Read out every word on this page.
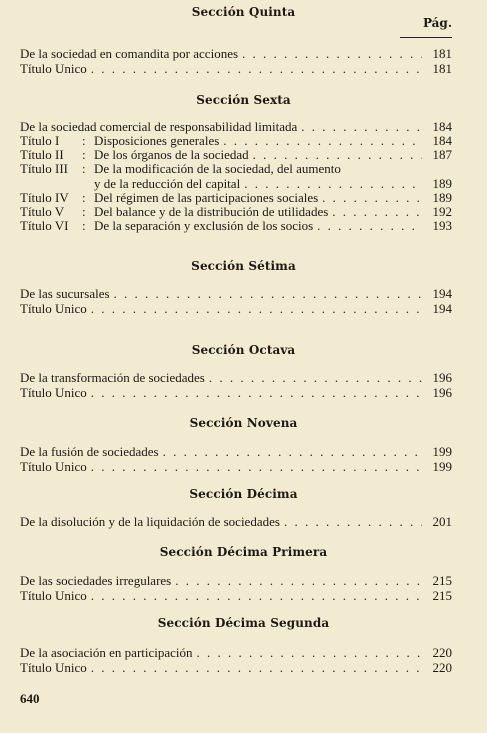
Sección Quinta
Pág.
De la sociedad en comandita por acciones . . .	181
Título Unico . . .	181
Sección Sexta
De la sociedad comercial de responsabilidad limitada . . .	184
Título I : Disposiciones generales . . .	184
Título II : De los órganos de la sociedad . . .	187
Título III : De la modificación de la sociedad, del aumento
y de la reducción del capital . . .	189
Título IV : Del régimen de las participaciones sociales . . .	189
Título V : Del balance y de la distribución de utilidades . . .	192
Título VI : De la separación y exclusión de los socios . . .	193
Sección Sétima
De las sucursales . . .	194
Título Unico . . .	194
Sección Octava
De la transformación de sociedades . . .	196
Título Unico . . .	196
Sección Novena
De la fusión de sociedades . . .	199
Título Unico . . .	199
Sección Décima
De la disolución y de la liquidación de sociedades . . .	201
Sección Décima Primera
De las sociedades irregulares . . .	215
Título Unico . . .	215
Sección Décima Segunda
De la asociación en participación . . .	220
Título Unico . . .	220
640
